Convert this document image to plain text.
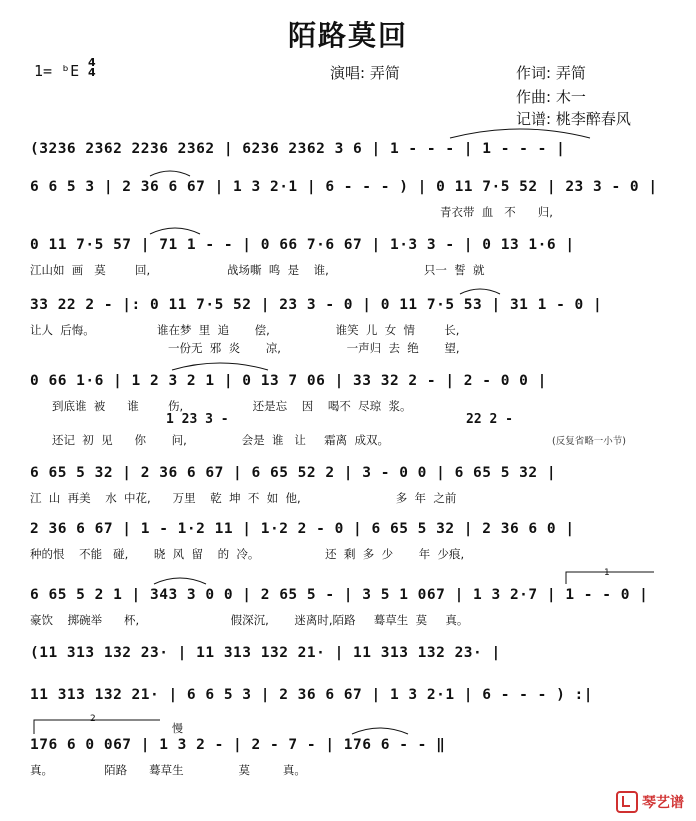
陌路莫回
1= ᵇE 4
4	演唱: 弄简	作词: 弄简
作曲: 木一
记谱: 桃李醉春风
(3236 2362 2236 2362 | 6236 2362 3 6 | 1 - - - | 1 - - - |
6 6 5 3 | 2 36 6 67 | 1 3 2·1 | 6 - - - ) | 0 11 7·5 52 | 23 3 - 0 |
青衣带  血   不      归,
0 11 7·5 57 | 71 1 - - | 0 66 7·6 67 | 1·3 3 - | 0 13 1·6 |
江山如  画   莫        回,                     战场嘶  鸣  是    谁,                          只一  誓  就
33 22 2 - |: 0 11 7·5 52 | 23 3 - 0 | 0 11 7·5 53 | 31 1 - 0 |
让人  后悔。                 谁在梦  里  追       偿,                  谁笑  儿  女  情        长,
一份无  邪  炎       凉,                  一声归  去  绝       望,
0 66 1·6 | 1 2 3 2 1 | 0 13 7 06 | 33 32 2 - | 2 - 0 0 |
到底谁  被      谁        伤,                   还是忘    因    喝不  尽琼  浆。
1 23 3 -	22 2 -
还记  初  见      你       问,               会是  谁   让     霜离  成双。	(反复省略一小节)
6 65 5 32 | 2 36 6 67 | 6 65 52 2 | 3 - 0 0 | 6 65 5 32 |
江  山  再美    水  中花,      万里    乾  坤  不  如  他,                          多  年  之前
2 36 6 67 | 1 - 1·2 11 | 1·2 2 - 0 | 6 65 5 32 | 2 36 6 0 |
种的恨    不能   碰,       晓  风  留    的  冷。                  还  剩  多  少       年  少痕,
1
6 65 5 2 1 | 343 3 0 0 | 2 65 5 - | 3 5 1 067 | 1 3 2·7 | 1 - - 0 |
豪饮    掷碗举      杯,                         假深沉,       迷离时,陌路     蓦草生  莫     真。
(11 313 132 23· | 11 313 132 21· | 11 313 132 23· |
11 313 132 21· | 6 6 5 3 | 2 36 6 67 | 1 3 2·1 | 6 - - - ) :|
2
慢
176 6 0 067 | 1 3 2 - | 2 - 7 - | 176 6 - - ‖
真。              陌路      蓦草生               莫         真。
琴艺谱
